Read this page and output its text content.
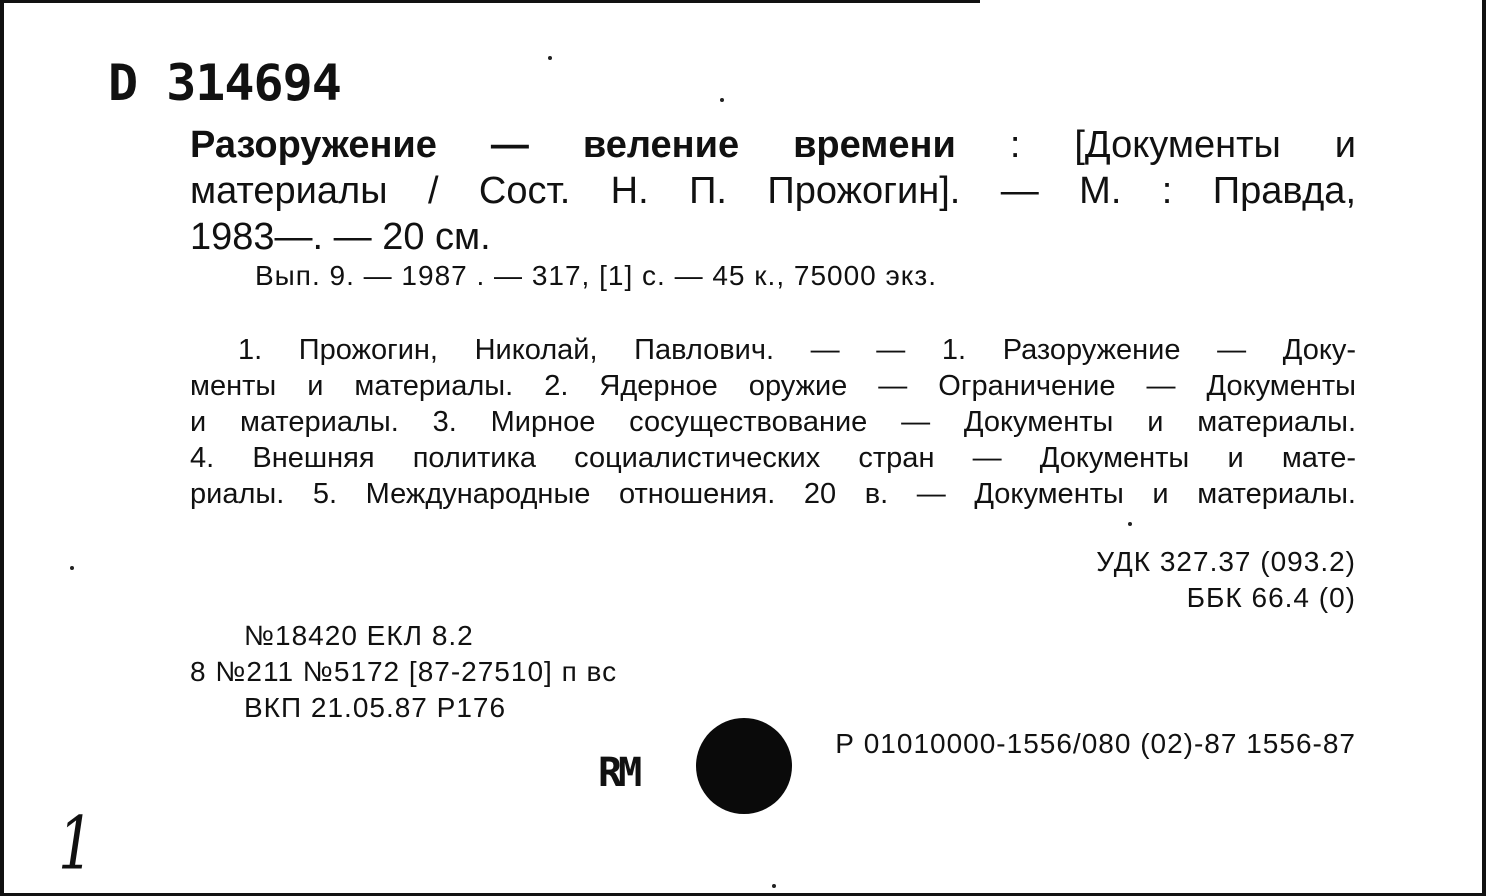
D 314694
Разоружение — веление времени : [Документы и
материалы / Сост. Н. П. Прожогин]. — М. : Правда,
1983—. — 20 см.
Вып. 9. — 1987 . — 317, [1] с. — 45 к., 75000 экз.
1. Прожогин, Николай, Павлович. — — 1. Разоружение — Доку-
менты и материалы. 2. Ядерное оружие — Ограничение — Документы
и материалы. 3. Мирное сосуществование — Документы и материалы.
4. Внешняя политика социалистических стран — Документы и мате-
риалы. 5. Международные отношения. 20 в. — Документы и материалы.
УДК 327.37 (093.2)
ББК 66.4 (0)
№18420 ЕКЛ 8.2
8 №211 №5172 [87-27510] п вс
ВКП 21.05.87 Р176
Р 01010000-1556/080 (02)-87 1556-87
RM
1
